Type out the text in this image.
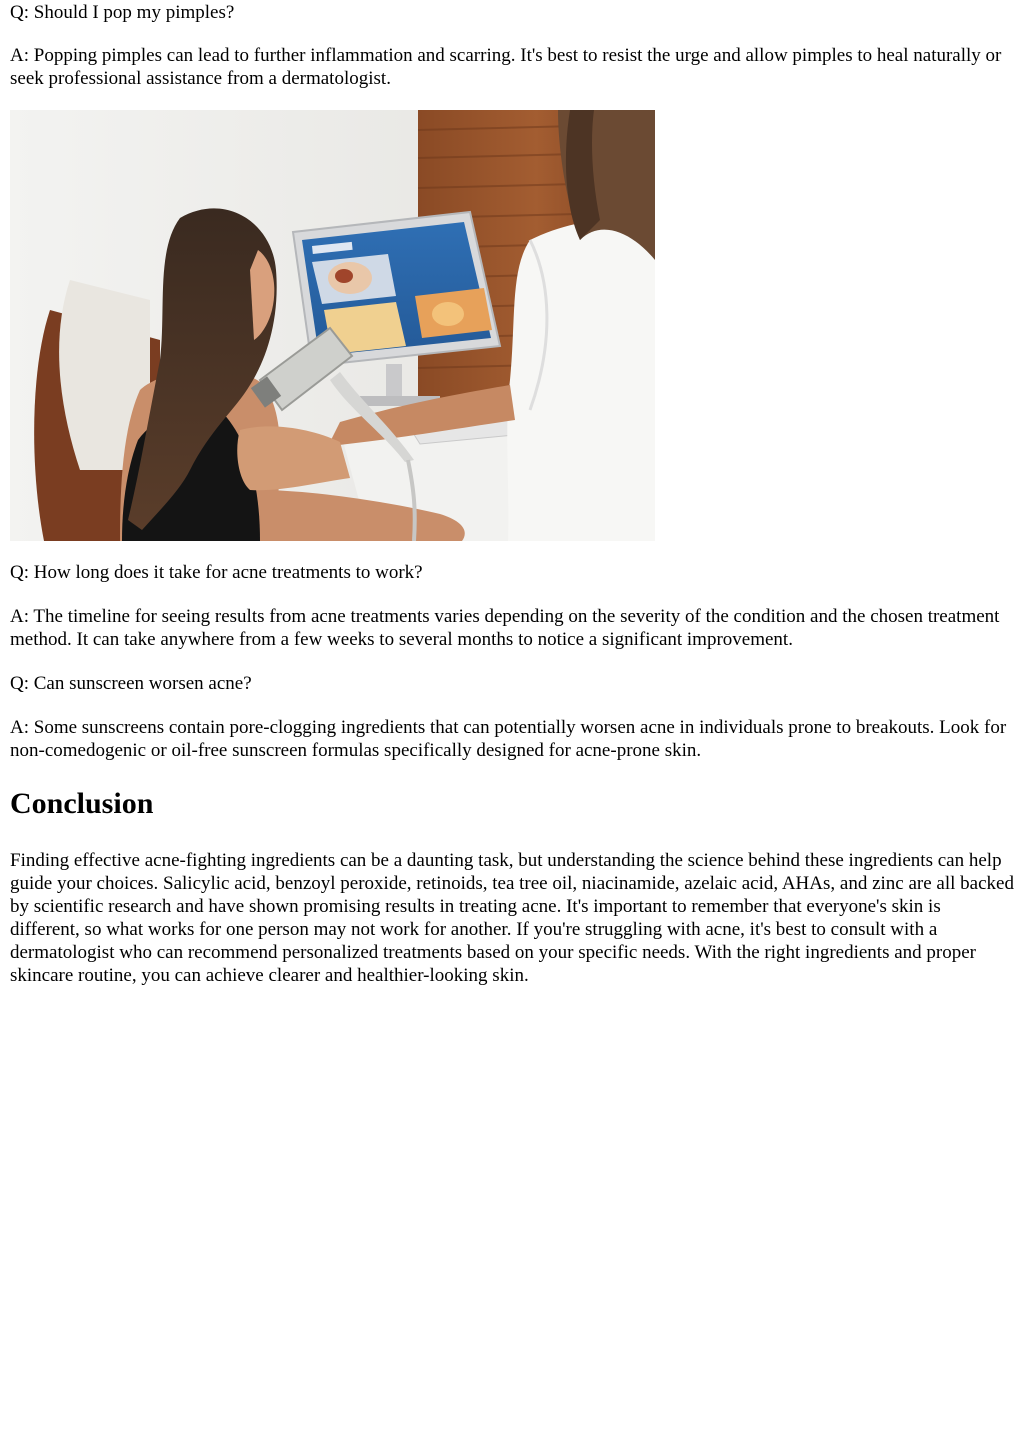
Q: Should I pop my pimples?

A: Popping pimples can lead to further inflammation and scarring. It's best to resist the urge and allow pimples to heal naturally or seek professional assistance from a dermatologist.

Q: How long does it take for acne treatments to work?

A: The timeline for seeing results from acne treatments varies depending on the severity of the condition and the chosen treatment method. It can take anywhere from a few weeks to several months to notice a significant improvement.

Q: Can sunscreen worsen acne?

A: Some sunscreens contain pore-clogging ingredients that can potentially worsen acne in individuals prone to breakouts. Look for non-comedogenic or oil-free sunscreen formulas specifically designed for acne-prone skin.

Conclusion

Finding effective acne-fighting ingredients can be a daunting task, but understanding the science behind these ingredients can help guide your choices. Salicylic acid, benzoyl peroxide, retinoids, tea tree oil, niacinamide, azelaic acid, AHAs, and zinc are all backed by scientific research and have shown promising results in treating acne. It's important to remember that everyone's skin is different, so what works for one person may not work for another. If you're struggling with acne, it's best to consult with a dermatologist who can recommend personalized treatments based on your specific needs. With the right ingredients and proper skincare routine, you can achieve clearer and healthier-looking skin.
